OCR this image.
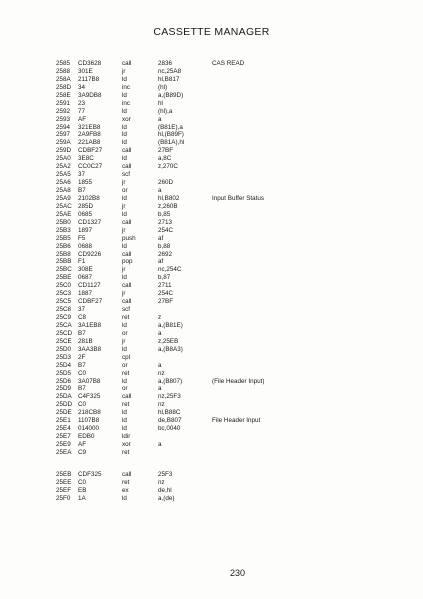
CASSETTE MANAGER
2585 CD3628	call	2836	CAS READ
2588 301E	jr	nc,25A8
258A 2117B8	ld	hl,B817
258D 34	inc	(hl)
258E 3A9DB8	ld	a,(B89D)
2591 23	inc	hl
2592 77	ld	(hl),a
2593 AF	xor	a
2594 321EB8	ld	(B81E),a
2597 2A9FB8	ld	hl,(B89F)
259A 221AB8	ld	(B81A),hl
259D CDBF27	call	27BF
25A0 3E8C	ld	a,8C
25A2 CC0C27	call	z,270C
25A5 37	scf
25A6 1855	jr	260D
25A8 B7	or	a
25A9 2102B8	ld	hl,B802	Input Buffer Status
25AC 285D	jr	z,260B
25AE 0685	ld	b,85
25B0 CD1327	call	2713
25B3 1897	jr	254C
25B5 F5	push	af
25B6 0688	ld	b,88
25B8 CD9226	call	2692
25BB F1	pop	af
25BC 308E	jr	nc,254C
25BE 0687	ld	b,87
25C0 CD1127	call	2711
25C3 1887	jr	254C
25C5 CDBF27	call	27BF
25C8 37	scf
25C9 C8	ret	z
25CA 3A1EB8	ld	a,(B81E)
25CD B7	or	a
25CE 281B	jr	z,25EB
25D0 3AA3B8	ld	a,(B8A3)
25D3 2F	cpl
25D4 B7	or	a
25D5 C0	ret	nz
25D6 3A07B8	ld	a,(B807)	(File Header Input)
25D9 B7	or	a
25DA C4F325	call	nz,25F3
25DD C0	ret	nz
25DE 218CB8	ld	hl,B88C
25E1 1107B8	ld	de,B807	File Header Input
25E4 014000	ld	bc,0040
25E7 EDB0	ldir
25E9 AF	xor	a
25EA C9	ret
25EB CDF325	call	25F3
25EE C0	ret	nz
25EF EB	ex	de,hl
25F0 1A	ld	a,(de)
230
